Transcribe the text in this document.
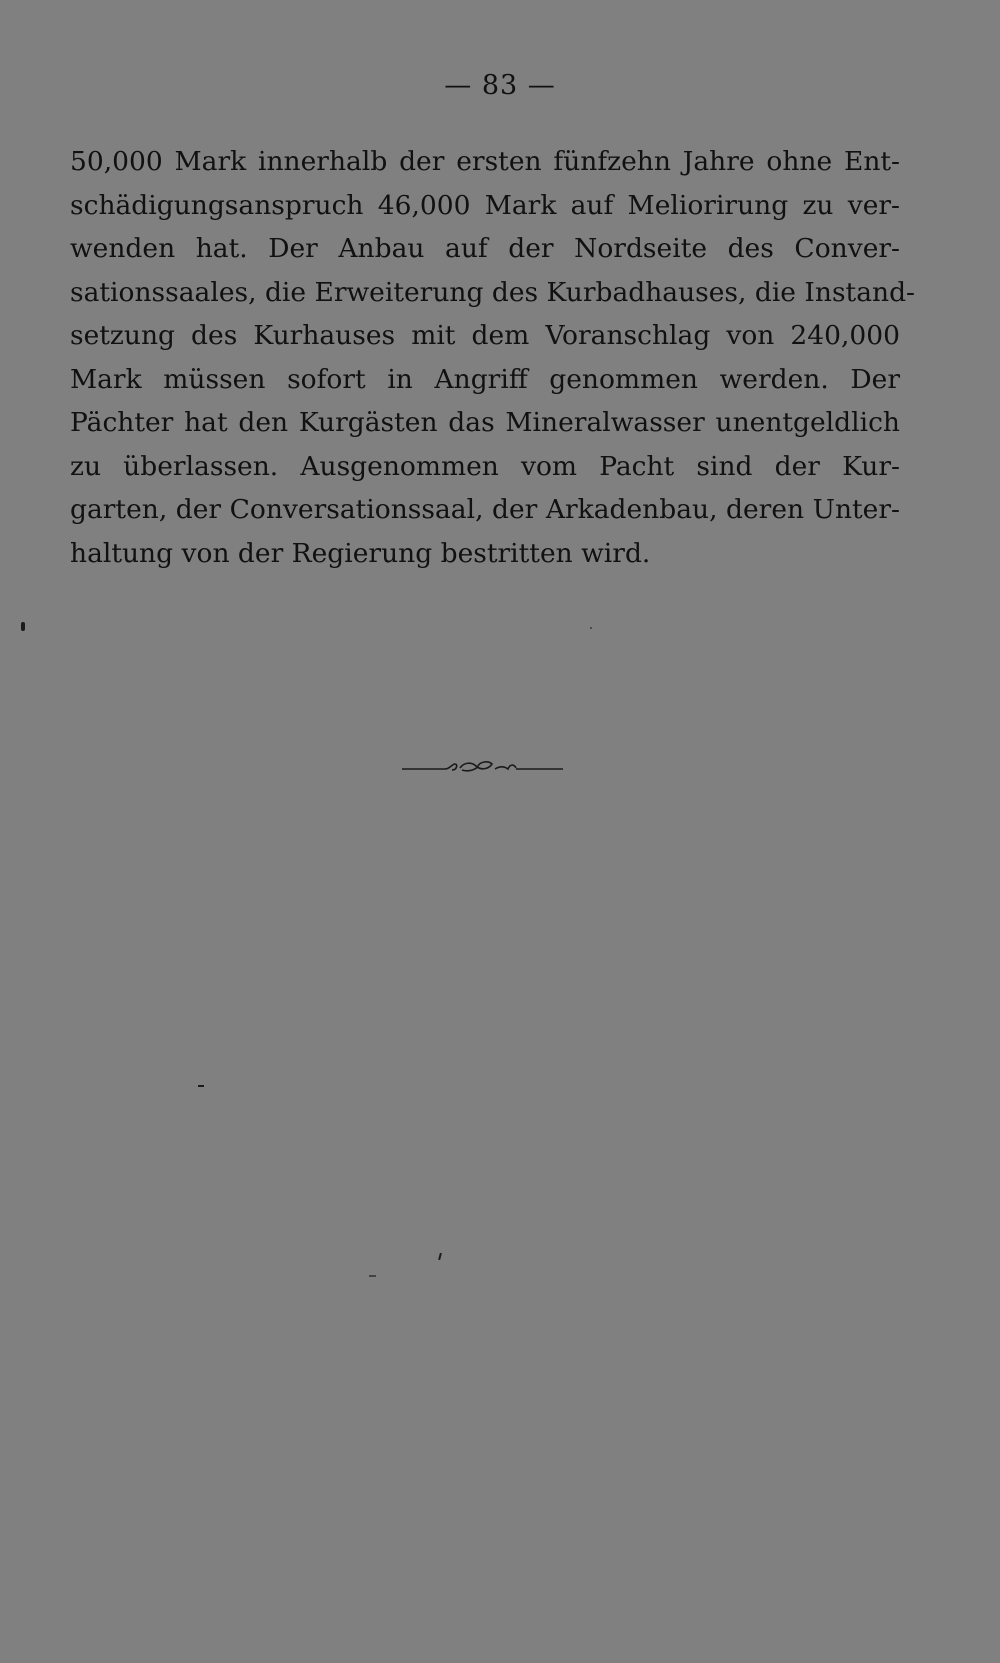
— 83 —
50,000 Mark innerhalb der ersten fünfzehn Jahre ohne Ent-
schädigungsanspruch 46,000 Mark auf Meliorirung zu ver-
wenden hat. Der Anbau auf der Nordseite des Conver-
sationssaales, die Erweiterung des Kurbadhauses, die Instand-
setzung des Kurhauses mit dem Voranschlag von 240,000
Mark müssen sofort in Angriff genommen werden. Der
Pächter hat den Kurgästen das Mineralwasser unentgeldlich
zu überlassen. Ausgenommen vom Pacht sind der Kur-
garten, der Conversationssaal, der Arkadenbau, deren Unter-
haltung von der Regierung bestritten wird.
